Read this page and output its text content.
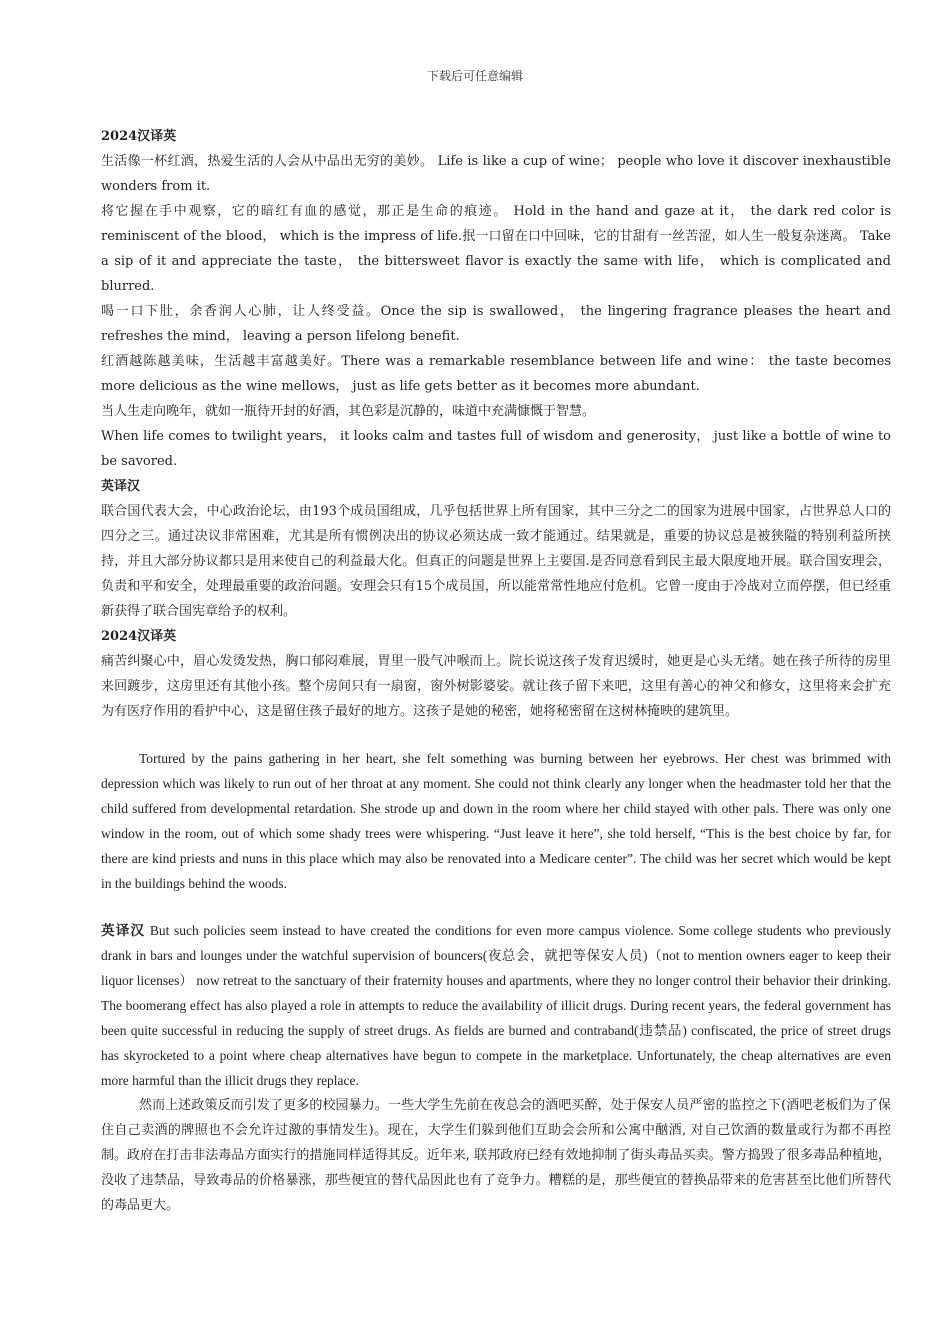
下载后可任意编辑

2024汉译英

生活像一杯红酒，热爱生活的人会从中品出无穷的美妙。 Life is like a cup of wine； people who love it discover inexhaustible wonders from it.

将它握在手中观察，它的暗红有血的感觉，那正是生命的痕迹。 Hold in the hand and gaze at it， the dark red color is reminiscent of the blood， which is the impress of life.抿一口留在口中回味，它的甘甜有一丝苦涩，如人生一般复杂迷离。 Take a sip of it and appreciate the taste， the bittersweet flavor is exactly the same with life， which is complicated and blurred.

喝一口下肚，余香润人心肺，让人终受益。Once the sip is swallowed， the lingering fragrance pleases the heart and refreshes the mind， leaving a person lifelong benefit.

红酒越陈越美味，生活越丰富越美好。There was a remarkable resemblance between life and wine： the taste becomes more delicious as the wine mellows， just as life gets better as it becomes more abundant.

当人生走向晚年，就如一瓶待开封的好酒，其色彩是沉静的，味道中充满慷慨于智慧。

When life comes to twilight years， it looks calm and tastes full of wisdom and generosity， just like a bottle of wine to be savored.

英译汉

联合国代表大会，中心政治论坛，由193个成员国组成，几乎包括世界上所有国家，其中三分之二的国家为进展中国家，占世界总人口的四分之三。通过决议非常困难，尤其是所有惯例决出的协议必须达成一致才能通过。结果就是，重要的协议总是被狭隘的特别利益所挟持，并且大部分协议都只是用来使自己的利益最大化。但真正的问题是世界上主要国.是否同意看到民主最大限度地开展。联合国安理会，负责和平和安全，处理最重要的政治问题。安理会只有15个成员国，所以能常常性地应付危机。它曾一度由于冷战对立而停摆，但已经重新获得了联合国宪章给予的权利。

2024汉译英

痛苦纠聚心中，眉心发烫发热，胸口郁闷难展，胃里一股气冲喉而上。院长说这孩子发育迟缓时，她更是心头无绪。她在孩子所待的房里来回踱步，这房里还有其他小孩。整个房间只有一扇窗，窗外树影婆娑。就让孩子留下来吧，这里有善心的神父和修女，这里将来会扩充为有医疗作用的看护中心，这是留住孩子最好的地方。这孩子是她的秘密，她将秘密留在这树林掩映的建筑里。

Tortured by the pains gathering in her heart, she felt something was burning between her eyebrows. Her chest was brimmed with depression which was likely to run out of her throat at any moment. She could not think clearly any longer when the headmaster told her that the child suffered from developmental retardation. She strode up and down in the room where her child stayed with other pals. There was only one window in the room, out of which some shady trees were whispering. “Just leave it here”, she told herself, “This is the best choice by far, for there are kind priests and nuns in this place which may also be renovated into a Medicare center”. The child was her secret which would be kept in the buildings behind the woods.

英译汉 But such policies seem instead to have created the conditions for even more campus violence. Some college students who previously drank in bars and lounges under the watchful supervision of bouncers(夜总会，就把等保安人员)（not to mention owners eager to keep their liquor licenses） now retreat to the sanctuary of their fraternity houses and apartments, where they no longer control their behavior their drinking. The boomerang effect has also played a role in attempts to reduce the availability of illicit drugs. During recent years, the federal government has been quite successful in reducing the supply of street drugs. As fields are burned and contraband(违禁品) confiscated, the price of street drugs has skyrocketed to a point where cheap alternatives have begun to compete in the marketplace. Unfortunately, the cheap alternatives are even more harmful than the illicit drugs they replace.

然而上述政策反而引发了更多的校园暴力。一些大学生先前在夜总会的酒吧买醉，处于保安人员严密的监控之下(酒吧老板们为了保住自己卖酒的牌照也不会允许过激的事情发生)。现在，大学生们躲到他们互助会会所和公寓中酗酒, 对自己饮酒的数量或行为都不再控制。政府在打击非法毒品方面实行的措施同样适得其反。近年来, 联邦政府已经有效地抑制了街头毒品买卖。警方捣毁了很多毒品种植地，没收了违禁品，导致毒品的价格暴涨，那些便宜的替代品因此也有了竞争力。糟糕的是，那些便宜的替换品带来的危害甚至比他们所替代的毒品更大。
